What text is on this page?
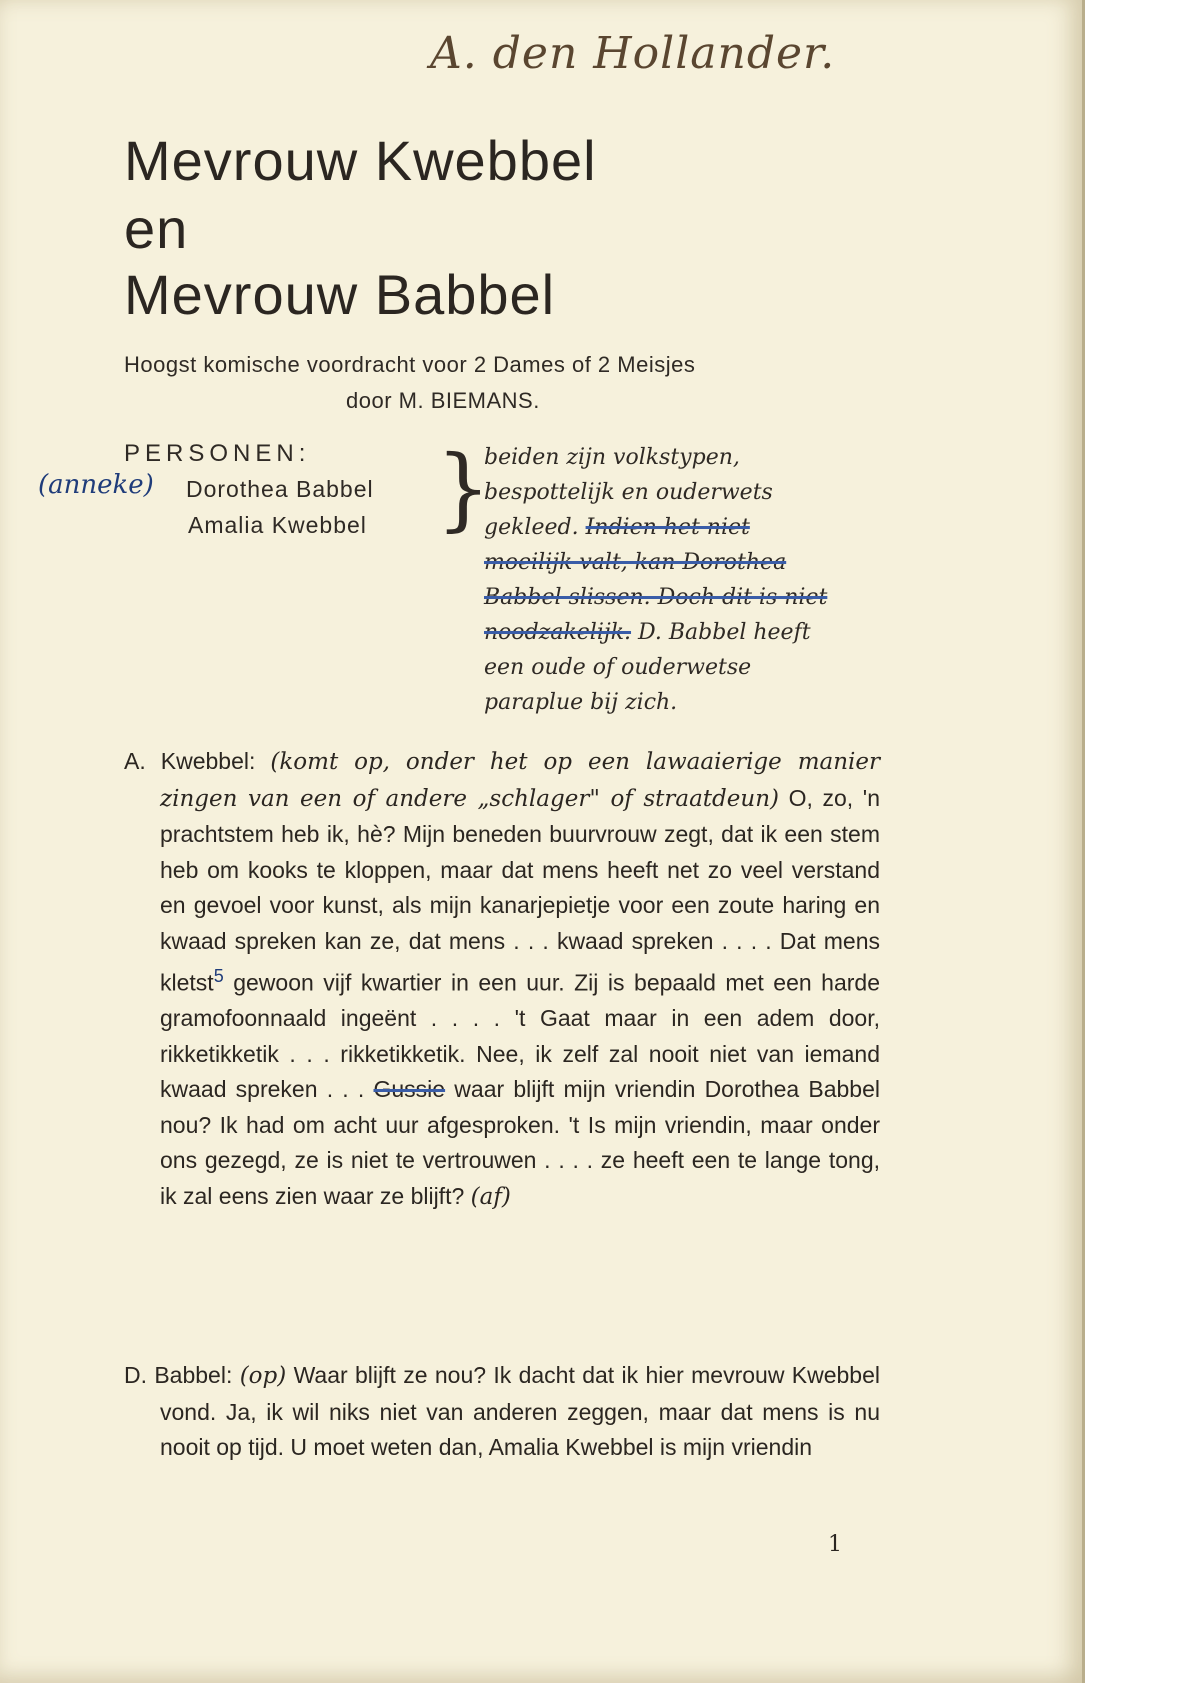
A. den Hollander.
Mevrouw Kwebbel
en
Mevrouw Babbel
Hoogst komische voordracht voor 2 Dames of 2 Meisjes
door M. BIEMANS.
PERSONEN:
(anneke) Dorothea Babbel
Amalia Kwebbel }
beiden zijn volkstypen, bespottelijk en ouderwets gekleed. Indien het niet moeilijk valt, kan Dorothea Babbel slissen. Doch dit is niet noodzakelijk. D. Babbel heeft een oude of ouderwetse paraplue bij zich.
A. Kwebbel: (komt op, onder het op een lawaaierige manier zingen van een of andere „schlager" of straatdeun) O, zo, 'n prachtstem heb ik, hè? Mijn beneden buurvrouw zegt, dat ik een stem heb om kooks te kloppen, maar dat mens heeft net zo veel verstand en gevoel voor kunst, als mijn kanarjepietje voor een zoute haring en kwaad spreken kan ze, dat mens . . . kwaad spreken . . . . Dat mens kletst$^5$ gewoon vijf kwartier in een uur. Zij is bepaald met een harde gramofoonnaald ingeënt . . . . 't Gaat maar in een adem door, rikketikketik . . . rikketikketik. Nee, ik zelf zal nooit niet van iemand kwaad spreken . . . Gussie waar blijft mijn vriendin Dorothea Babbel nou? Ik had om acht uur afgesproken. 't Is mijn vriendin, maar onder ons gezegd, ze is niet te vertrouwen . . . . ze heeft een te lange tong, ik zal eens zien waar ze blijft? (af)
D. Babbel: (op) Waar blijft ze nou? Ik dacht dat ik hier mevrouw Kwebbel vond. Ja, ik wil niks niet van anderen zeggen, maar dat mens is nu nooit op tijd. U moet weten dan, Amalia Kwebbel is mijn vriendin
1
